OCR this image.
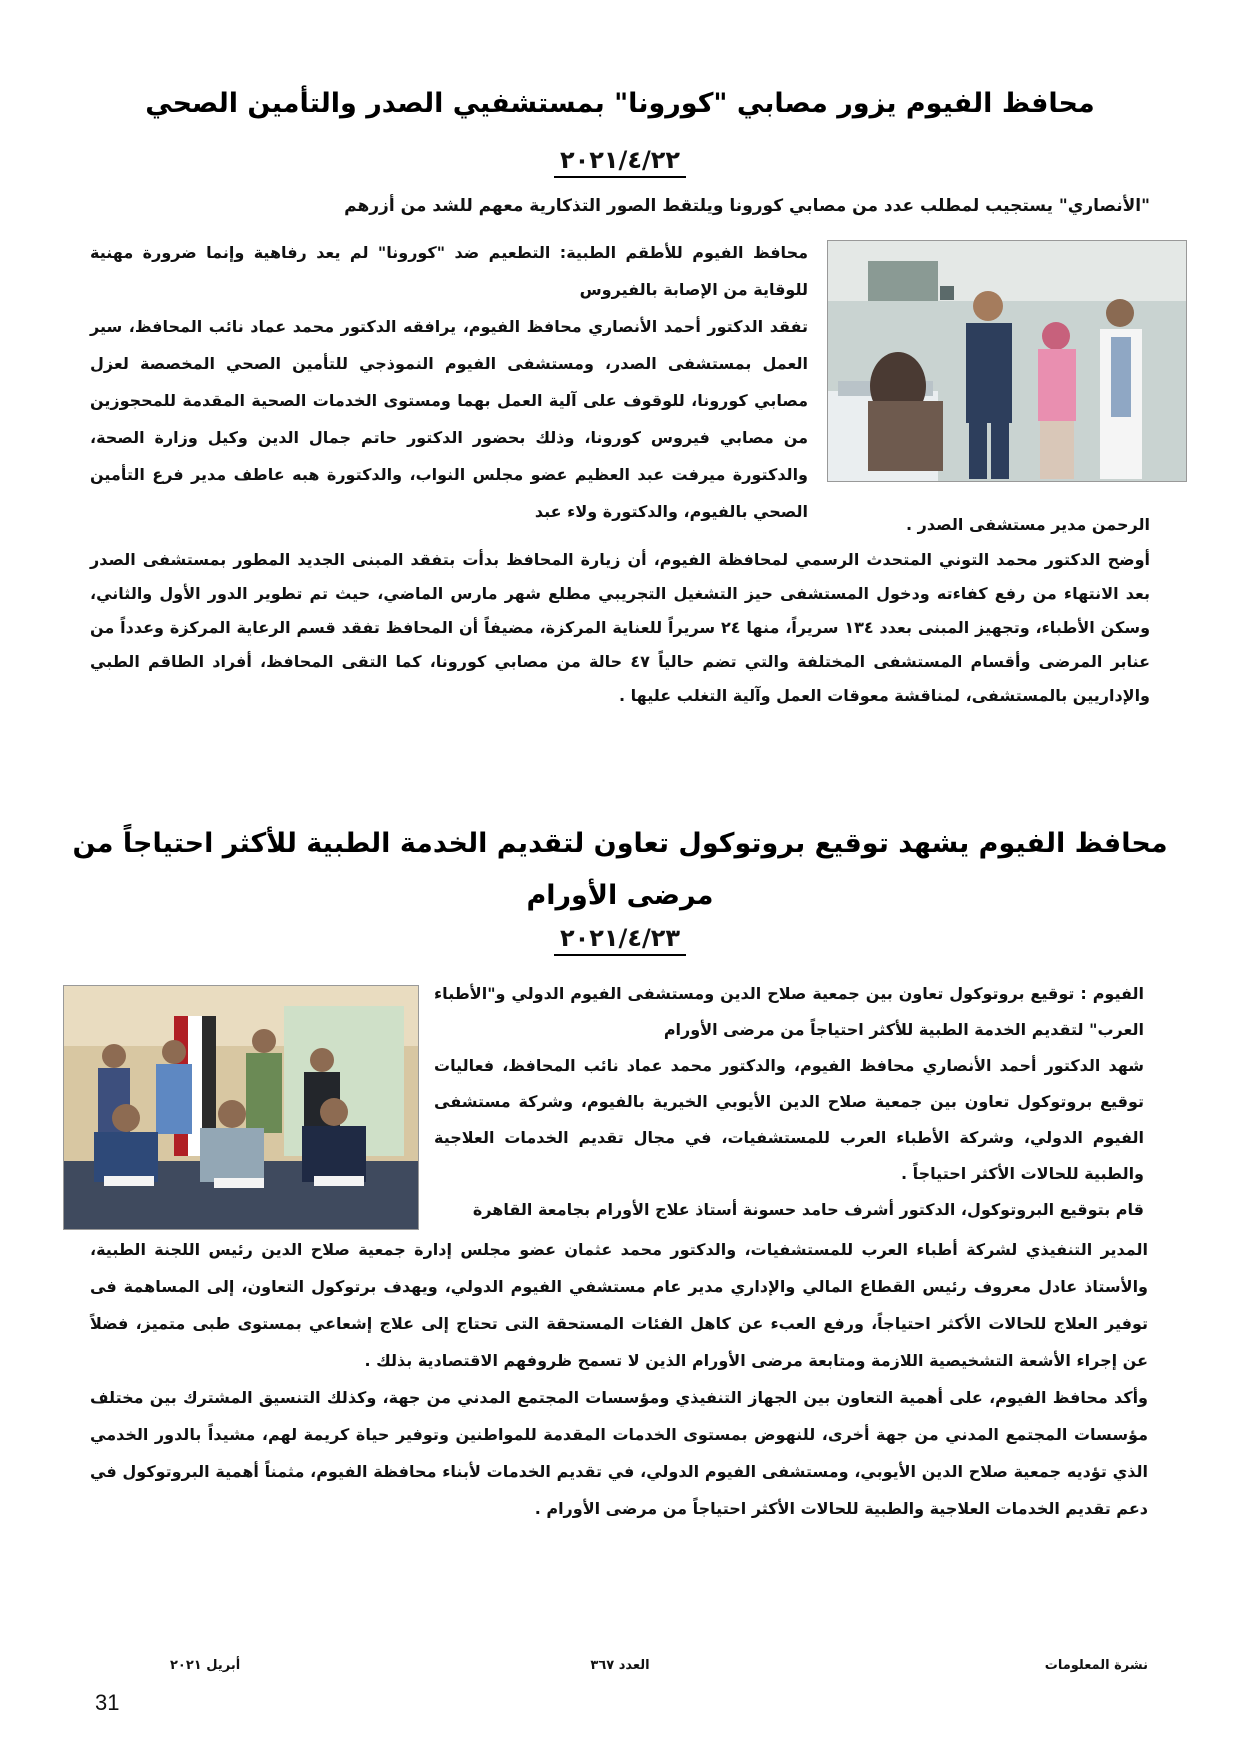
محافظ الفيوم يزور مصابي "كورونا" بمستشفيي الصدر والتأمين الصحي
٢٠٢١/٤/٢٢
"الأنصاري" يستجيب لمطلب عدد من مصابي كورونا ويلتقط الصور التذكارية معهم للشد من أزرهم

محافظ الفيوم للأطقم الطبية: التطعيم ضد "كورونا" لم يعد رفاهية وإنما ضرورة مهنية للوقاية من الإصابة بالفيروس

تفقد الدكتور أحمد الأنصاري محافظ الفيوم، يرافقه الدكتور محمد عماد نائب المحافظ، سير العمل بمستشفى الصدر، ومستشفى الفيوم النموذجي للتأمين الصحي المخصصة لعزل مصابي كورونا، للوقوف على آلية العمل بهما ومستوى الخدمات الصحية المقدمة للمحجوزين من مصابي فيروس كورونا، وذلك بحضور الدكتور حاتم جمال الدين وكيل وزارة الصحة، والدكتورة ميرفت عبد العظيم عضو مجلس النواب، والدكتورة هبه عاطف مدير فرع التأمين الصحي بالفيوم، والدكتورة ولاء عبد

الرحمن مدير مستشفى الصدر .
أوضح الدكتور محمد التوني المتحدث الرسمي لمحافظة الفيوم، أن زيارة المحافظ بدأت بتفقد المبنى الجديد المطور بمستشفى الصدر بعد الانتهاء من رفع كفاءته ودخول المستشفى حيز التشغيل التجريبي مطلع شهر مارس الماضي، حيث تم تطوير الدور الأول والثاني، وسكن الأطباء، وتجهيز المبنى بعدد ١٣٤ سريراً، منها ٢٤ سريراً للعناية المركزة، مضيفاً أن المحافظ تفقد قسم الرعاية المركزة وعدداً من عنابر المرضى وأقسام المستشفى المختلفة والتي تضم حالياً ٤٧ حالة من مصابي كورونا، كما التقى المحافظ، أفراد الطاقم الطبي والإداريين بالمستشفى، لمناقشة معوقات العمل وآلية التغلب عليها .
محافظ الفيوم يشهد توقيع بروتوكول تعاون لتقديم الخدمة الطبية للأكثر احتياجاً من مرضى الأورام
٢٠٢١/٤/٢٣

الفيوم : توقيع بروتوكول تعاون بين جمعية صلاح الدين ومستشفى الفيوم الدولي و"الأطباء العرب" لتقديم الخدمة الطبية للأكثر احتياجاً من مرضى الأورام

شهد الدكتور أحمد الأنصاري محافظ الفيوم، والدكتور محمد عماد نائب المحافظ، فعاليات توقيع بروتوكول تعاون بين جمعية صلاح الدين الأيوبي الخيرية بالفيوم، وشركة مستشفى الفيوم الدولي، وشركة الأطباء العرب للمستشفيات، في مجال تقديم الخدمات العلاجية والطبية للحالات الأكثر احتياجاً .

قام بتوقيع البروتوكول، الدكتور أشرف حامد حسونة أستاذ علاج الأورام بجامعة القاهرة

المدير التنفيذي لشركة أطباء العرب للمستشفيات، والدكتور محمد عثمان عضو مجلس إدارة جمعية صلاح الدين رئيس اللجنة الطبية، والأستاذ عادل معروف رئيس القطاع المالي والإداري مدير عام مستشفي الفيوم الدولي، ويهدف برتوكول التعاون، إلى المساهمة فى توفير العلاج للحالات الأكثر احتياجاً، ورفع العبء عن كاهل الفئات المستحقة التى تحتاج إلى علاج إشعاعي بمستوى طبى متميز، فضلاً عن إجراء الأشعة التشخيصية اللازمة ومتابعة مرضى الأورام الذين لا تسمح ظروفهم الاقتصادية بذلك .

وأكد محافظ الفيوم، على أهمية التعاون بين الجهاز التنفيذي ومؤسسات المجتمع المدني من جهة، وكذلك التنسيق المشترك بين مختلف مؤسسات المجتمع المدني من جهة أخرى، للنهوض بمستوى الخدمات المقدمة للمواطنين وتوفير حياة كريمة لهم، مشيداً بالدور الخدمي الذي تؤديه جمعية صلاح الدين الأيوبي، ومستشفى الفيوم الدولي، في تقديم الخدمات لأبناء محافظة الفيوم، مثمناً أهمية البروتوكول في دعم تقديم الخدمات العلاجية والطبية للحالات الأكثر احتياجاً من مرضى الأورام .

نشرة المعلومات
العدد ٣٦٧
أبريل ٢٠٢١
31
